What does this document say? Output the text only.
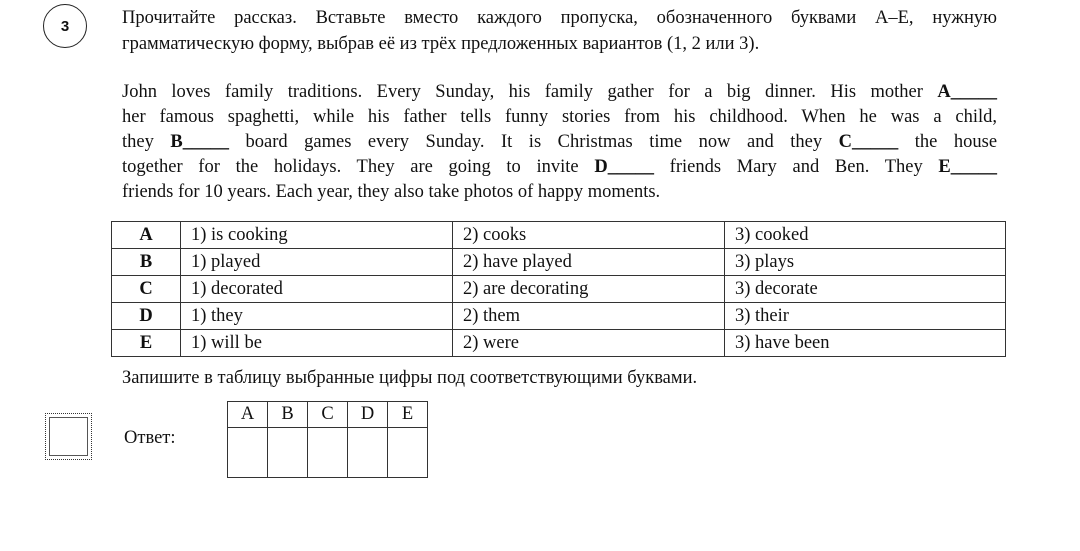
3	Прочитайте рассказ. Вставьте вместо каждого пропуска, обозначенного буквами А–Е, нужную грамматическую форму, выбрав её из трёх предложенных вариантов (1, 2 или 3).
John loves family traditions. Every Sunday, his family gather for a big dinner. His mother A_____
her famous spaghetti, while his father tells funny stories from his childhood. When he was a child,
they B_____ board games every Sunday. It is Christmas time now and they C_____ the house
together for the holidays. They are going to invite D_____ friends Mary and Ben. They E_____
friends for 10 years. Each year, they also take photos of happy moments.
A	1) is cooking	2) cooks	3) cooked
B	1) played	2) have played	3) plays
C	1) decorated	2) are decorating	3) decorate
D	1) they	2) them	3) their
E	1) will be	2) were	3) have been
Запишите в таблицу выбранные цифры под соответствующими буквами.
Ответ:
A	B	C	D	E
